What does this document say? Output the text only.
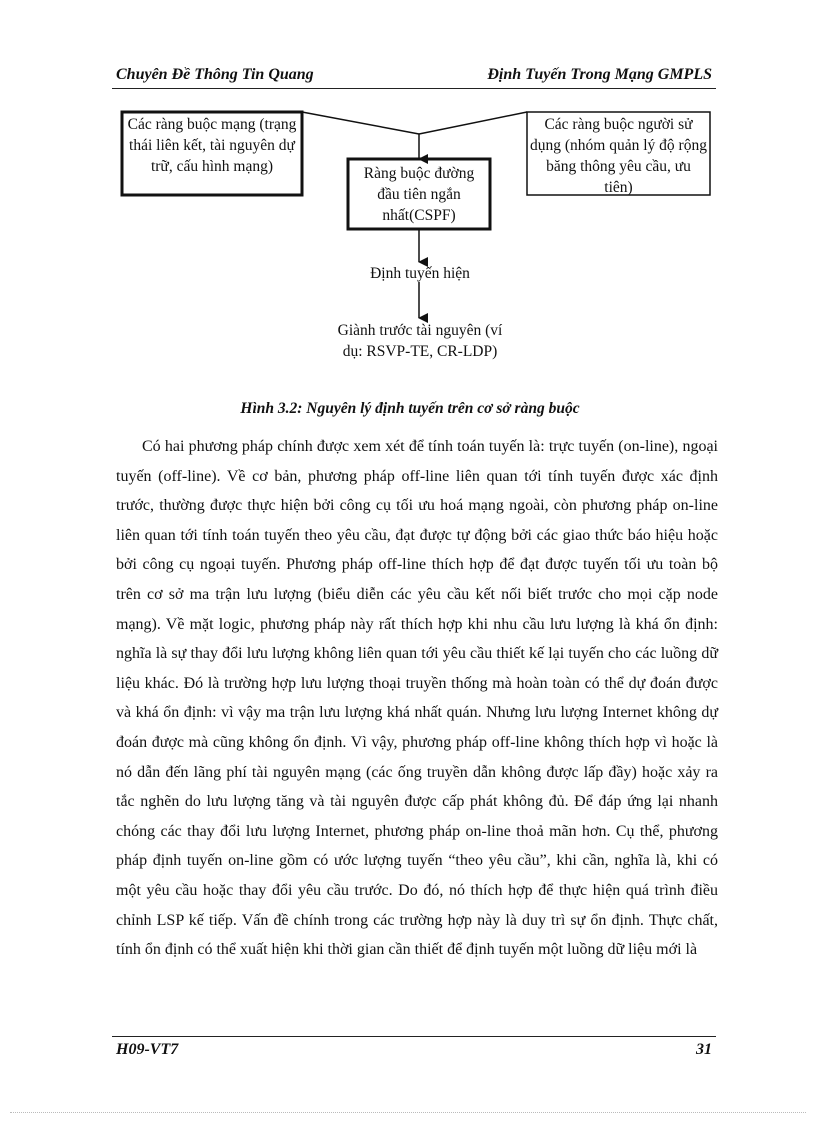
Chuyên Đề Thông Tin Quang	Định Tuyến Trong Mạng GMPLS
Các ràng buộc mạng (trạng thái liên kết, tài nguyên dự trữ, cấu hình mạng)
Các ràng buộc người sử dụng (nhóm quản lý độ rộng băng thông yêu cầu, ưu tiên)
Ràng buộc đường đầu tiên ngắn nhất(CSPF)
Định tuyến hiện
Giành trước tài nguyên (ví dụ: RSVP-TE, CR-LDP)
Hình 3.2: Nguyên lý định tuyến trên cơ sở ràng buộc

Có hai phương pháp chính được xem xét để tính toán tuyến là: trực tuyến (on-line), ngoại tuyến (off-line). Về cơ bản, phương pháp off-line liên quan tới tính tuyến được xác định trước, thường được thực hiện bởi công cụ tối ưu hoá mạng ngoài, còn phương pháp on-line liên quan tới tính toán tuyến theo yêu cầu, đạt được tự động bởi các giao thức báo hiệu hoặc bởi công cụ ngoại tuyến. Phương pháp off-line thích hợp để đạt được tuyến tối ưu toàn bộ trên cơ sở ma trận lưu lượng (biểu diễn các yêu cầu kết nối biết trước cho mọi cặp node mạng). Về mặt logic, phương pháp này rất thích hợp khi nhu cầu lưu lượng là khá ổn định: nghĩa là sự thay đổi lưu lượng không liên quan tới yêu cầu thiết kế lại tuyến cho các luồng dữ liệu khác. Đó là trường hợp lưu lượng thoại truyền thống mà hoàn toàn có thể dự đoán được và khá ổn định: vì vậy ma trận lưu lượng khá nhất quán. Nhưng lưu lượng Internet không dự đoán được mà cũng không ổn định. Vì vậy, phương pháp off-line không thích hợp vì hoặc là nó dẫn đến lãng phí tài nguyên mạng (các ống truyền dẫn không được lấp đầy) hoặc xảy ra tắc nghẽn do lưu lượng tăng và tài nguyên được cấp phát không đủ. Để đáp ứng lại nhanh chóng các thay đổi lưu lượng Internet, phương pháp on-line thoả mãn hơn. Cụ thể, phương pháp định tuyến on-line gồm có ước lượng tuyến “theo yêu cầu”, khi cần, nghĩa là, khi có một yêu cầu hoặc thay đổi yêu cầu trước. Do đó, nó thích hợp để thực hiện quá trình điều chỉnh LSP kế tiếp. Vấn đề chính trong các trường hợp này là duy trì sự ổn định. Thực chất, tính ổn định có thể xuất hiện khi thời gian cần thiết để định tuyến một luồng dữ liệu mới là

H09-VT7	31
